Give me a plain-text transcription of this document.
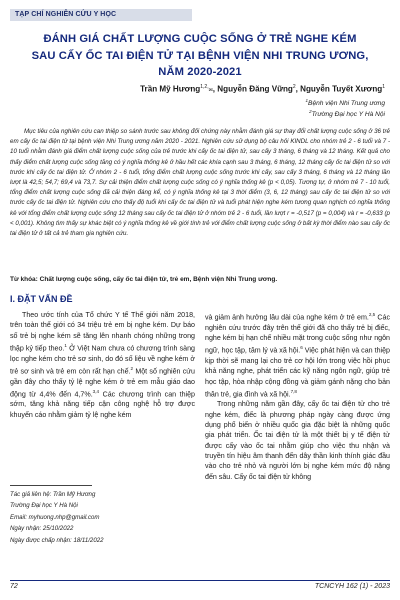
TẠP CHÍ NGHIÊN CỨU Y HỌC
ĐÁNH GIÁ CHẤT LƯỢNG CUỘC SỐNG Ở TRẺ NGHE KÉM
SAU CẤY ỐC TAI ĐIỆN TỬ TẠI BỆNH VIỆN NHI TRUNG ƯƠNG,
NĂM 2020-2021
Trần Mỹ Hương$^{1,2,}$✉, Nguyễn Đăng Vững$^2$, Nguyễn Tuyết Xương$^1$
$^1$Bệnh viện Nhi Trung ương
$^2$Trường Đại học Y Hà Nội
Mục tiêu của nghiên cứu can thiệp so sánh trước sau không đối chứng này nhằm đánh giá sự thay đổi chất lượng cuộc sống ở 36 trẻ em cấy ốc tai điện tử tại bệnh viện Nhi Trung ương năm 2020 - 2021. Nghiên cứu sử dụng bộ câu hỏi KINDL cho nhóm trẻ 2 - 6 tuổi và 7 - 10 tuổi nhằm đánh giá điểm chất lượng cuộc sống của trẻ trước khi cấy ốc tai điện tử, sau cấy 3 tháng, 6 tháng và 12 tháng. Kết quả cho thấy điểm chất lượng cuộc sống tăng có ý nghĩa thống kê ở hầu hết các khía cạnh sau 3 tháng, 6 tháng, 12 tháng cấy ốc tai điện tử so với trước khi cấy ốc tai điện tử. Ở nhóm 2 - 6 tuổi, tổng điểm chất lượng cuộc sống trước khi cấy, sau cấy 3 tháng, 6 tháng và 12 tháng lần lượt là 42,5; 54,7; 69,4 và 73,7. Sự cải thiện điểm chất lượng cuộc sống có ý nghĩa thống kê (p < 0,05). Tương tự, ở nhóm trẻ 7 - 10 tuổi, tổng điểm chất lượng cuộc sống đã cải thiện đáng kể, có ý nghĩa thống kê tại 3 thời điểm (3, 6, 12 tháng) sau cấy ốc tai điện tử so với trước cấy ốc tai điện tử. Nghiên cứu cho thấy độ tuổi khi cấy ốc tai điện tử và tuổi phát hiện nghe kém tương quan nghịch có nghĩa thống kê với tổng điểm chất lượng cuộc sống 12 tháng sau cấy ốc tai điện tử ở nhóm trẻ 2 - 6 tuổi, lần lượt r = -0,517 (p = 0,004) và r = -0,633 (p < 0,001). Không tìm thấy sự khác biệt có ý nghĩa thống kê về giới tính trẻ với điểm chất lượng cuộc sống ở bất kỳ thời điểm nào sau cấy ốc tai điện tử ở tất cả trẻ tham gia nghiên cứu.
Từ khóa: Chất lượng cuộc sống, cấy ốc tai điện tử, trẻ em, Bệnh viện Nhi Trung ương.
I. ĐẶT VẤN ĐỀ

Theo ước tính của Tổ chức Y tế Thế giới năm 2018, trên toàn thế giới có 34 triệu trẻ em bị nghe kém. Dự báo số trẻ bị nghe kém sẽ tăng lên nhanh chóng những trong thập kỷ tiếp theo.$^1$ Ở Việt Nam chưa có chương trình sàng lọc nghe kém cho trẻ sơ sinh, do đó số liệu về nghe kém ở trẻ sơ sinh và trẻ em còn rất hạn chế.$^2$ Một số nghiên cứu gần đây cho thấy tỷ lệ nghe kém ở trẻ em mẫu giáo dao động từ 4,4% đến 4,7%.$^{3,4}$ Các chương trình can thiệp sớm, tăng khả năng tiếp cận công nghệ hỗ trợ được khuyến cáo nhằm giảm tỷ lệ nghe kém

và giảm ảnh hưởng lâu dài của nghe kém ở trẻ em.$^{2,5}$ Các nghiên cứu trước đây trên thế giới đã cho thấy trẻ bị điếc, nghe kém bị hạn chế nhiều mặt trong cuộc sống như ngôn ngữ, học tập, tâm lý và xã hội.$^6$ Việc phát hiện và can thiệp kịp thời sẽ mang lại cho trẻ cơ hội lớn trong việc hồi phục khả năng nghe, phát triển các kỹ năng ngôn ngữ, giúp trẻ học tập, hòa nhập cộng đồng và giảm gánh nặng cho bản thân trẻ, gia đình và xã hội.$^{7,8}$

Trong những năm gần đây, cấy ốc tai điện tử cho trẻ nghe kém, điếc là phương pháp ngày càng được ứng dụng phổ biến ở nhiều quốc gia đặc biệt là những quốc gia phát triển. Ốc tai điện tử là một thiết bị y tế điện tử được cấy vào ốc tai nhằm giúp cho việc thu nhận và truyền tín hiệu âm thanh đến dây thần kinh thính giác đầu vào cho trẻ nhỏ và người lớn bị nghe kém mức độ nặng đến sâu. Cấy ốc tai điện tử không

Tác giả liên hệ: Trần Mỹ Hương
Trường Đại học Y Hà Nội
Email: myhuong.nhp@gmail.com
Ngày nhận: 25/10/2022
Ngày được chấp nhận: 18/11/2022
72	TCNCYH 162 (1) - 2023
